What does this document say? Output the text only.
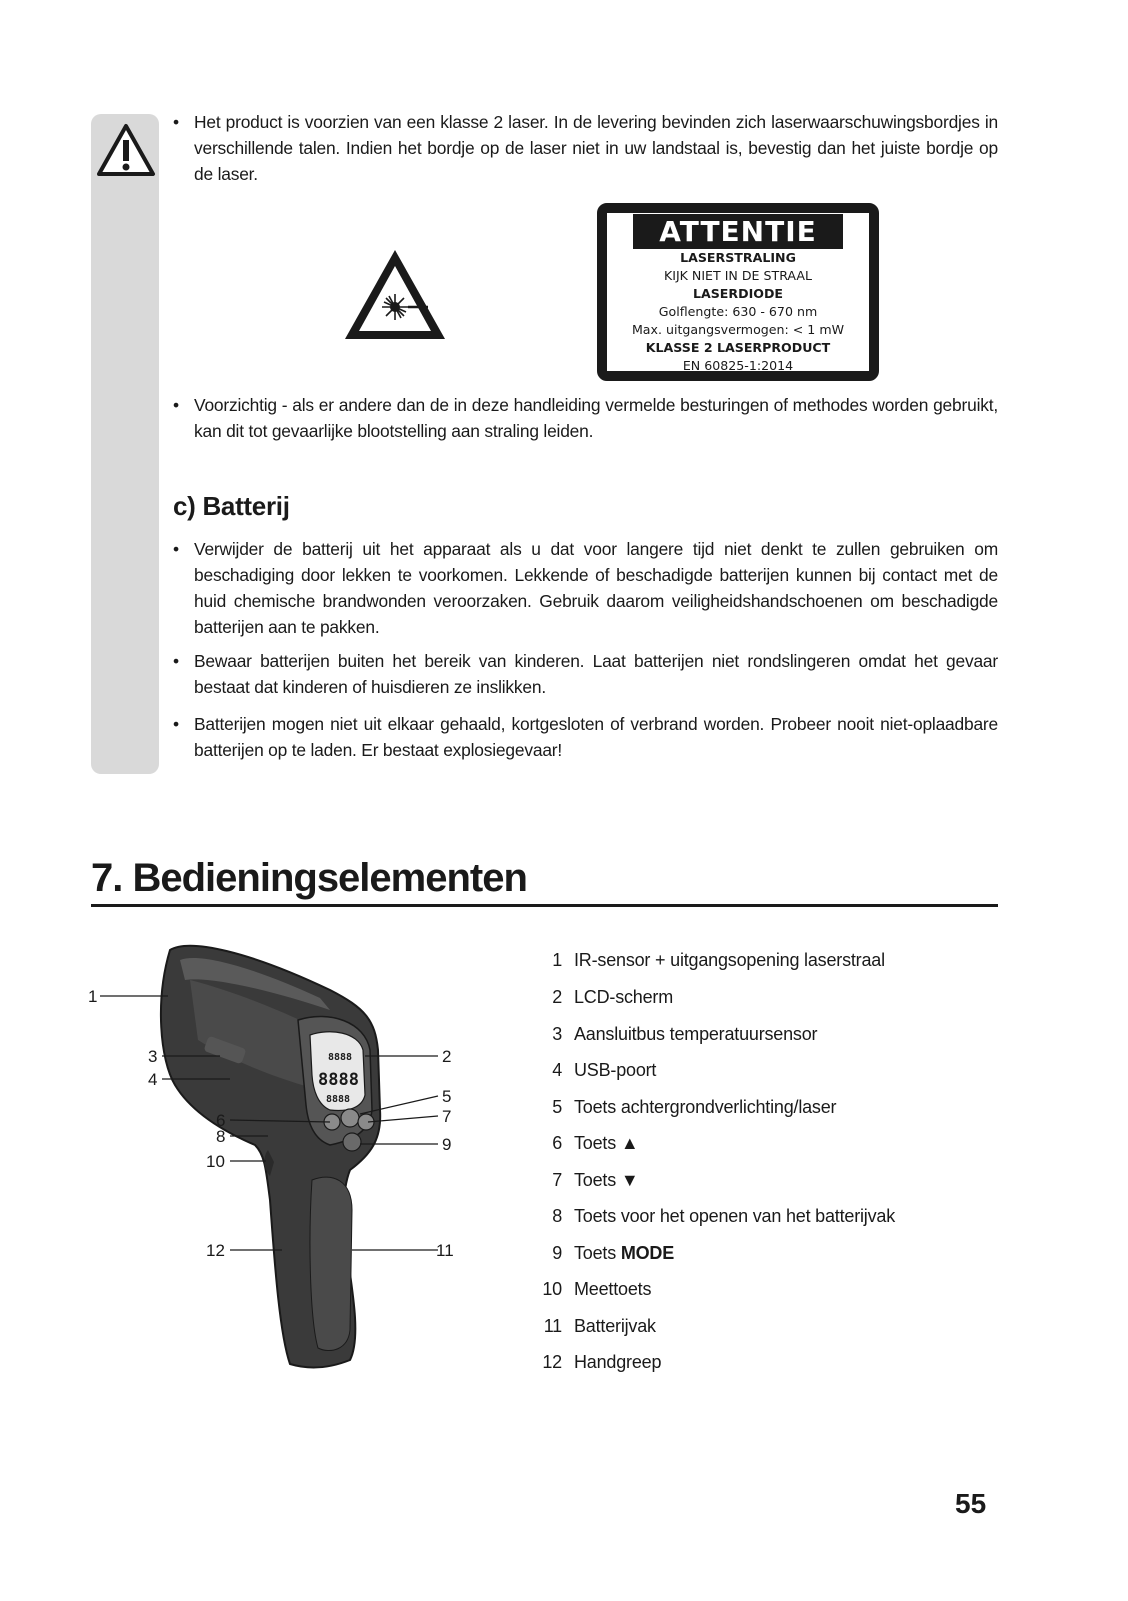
• Het product is voorzien van een klasse 2 laser. In de levering bevinden zich laserwaarschuwingsbordjes in verschillende talen. Indien het bordje op de laser niet in uw landstaal is, bevestig dan het juiste bordje op de laser.
ATTENTIE
LASERSTRALING
KIJK NIET IN DE STRAAL
LASERDIODE
Golflengte: 630 - 670 nm
Max. uitgangsvermogen: < 1 mW
KLASSE 2 LASERPRODUCT
EN 60825-1:2014
• Voorzichtig - als er andere dan de in deze handleiding vermelde besturingen of methodes worden gebruikt, kan dit tot gevaarlijke blootstelling aan straling leiden.
c) Batterij
• Verwijder de batterij uit het apparaat als u dat voor langere tijd niet denkt te zullen gebruiken om beschadiging door lekken te voorkomen. Lekkende of beschadigde batterijen kunnen bij contact met de huid chemische brandwonden veroorzaken. Gebruik daarom veiligheidshandschoenen om beschadigde batterijen aan te pakken.
• Bewaar batterijen buiten het bereik van kinderen. Laat batterijen niet rondslingeren omdat het gevaar bestaat dat kinderen of huisdieren ze inslikken.
• Batterijen mogen niet uit elkaar gehaald, kortgesloten of verbrand worden. Probeer nooit niet-oplaadbare batterijen op te laden. Er bestaat explosiegevaar!
7. Bedieningselementen
8888
8888
8888
1
2
3
4
5
6	7
8	9
10
11
12
1 IR-sensor + uitgangsopening laserstraal
2 LCD-scherm
3 Aansluitbus temperatuursensor
4 USB-poort
5 Toets achtergrondverlichting/laser
6 Toets ▲
7 Toets ▼
8 Toets voor het openen van het batterijvak
9 Toets MODE
10 Meettoets
11 Batterijvak
12 Handgreep
55
